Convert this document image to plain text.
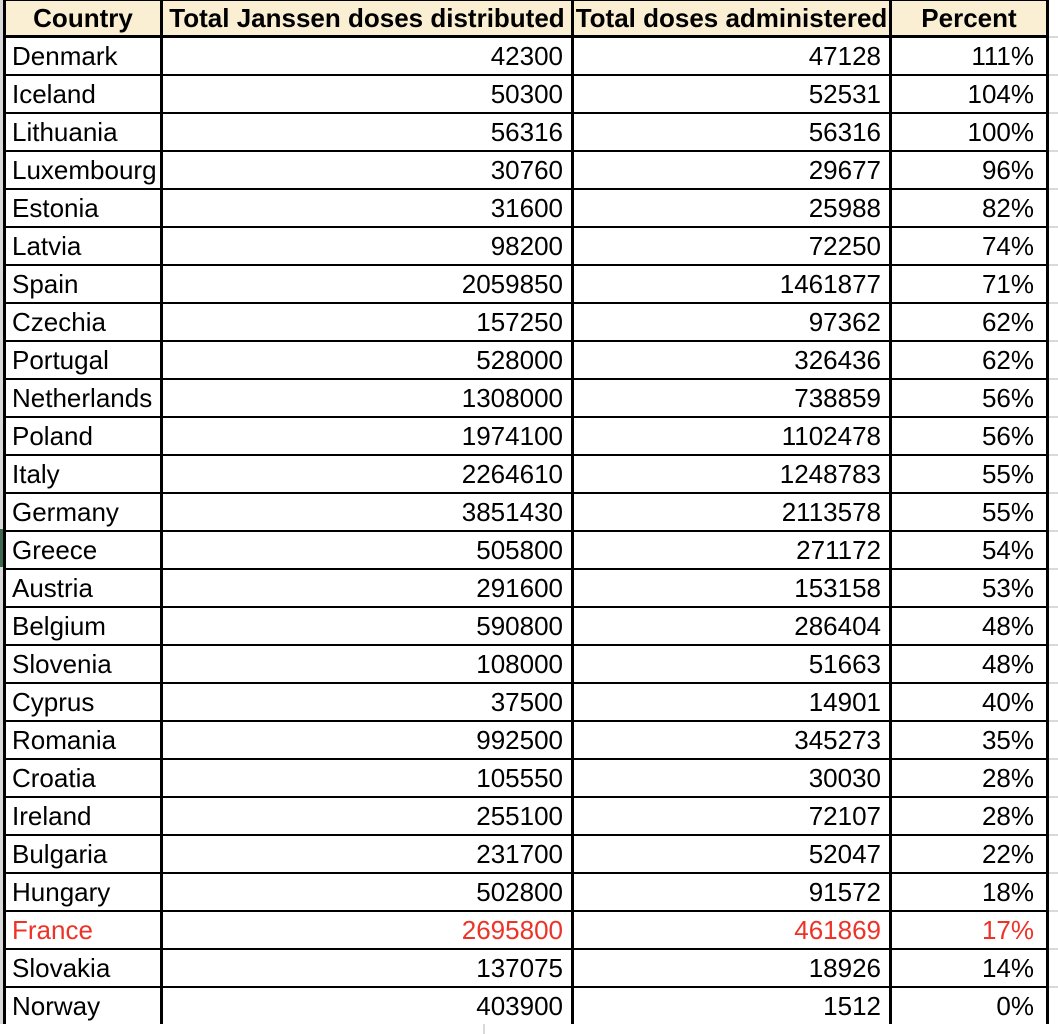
Country	Total Janssen doses distributed	Total doses administered	Percent
Denmark	42300	47128	111%
Iceland	50300	52531	104%
Lithuania	56316	56316	100%
Luxembourg	30760	29677	96%
Estonia	31600	25988	82%
Latvia	98200	72250	74%
Spain	2059850	1461877	71%
Czechia	157250	97362	62%
Portugal	528000	326436	62%
Netherlands	1308000	738859	56%
Poland	1974100	1102478	56%
Italy	2264610	1248783	55%
Germany	3851430	2113578	55%
Greece	505800	271172	54%
Austria	291600	153158	53%
Belgium	590800	286404	48%
Slovenia	108000	51663	48%
Cyprus	37500	14901	40%
Romania	992500	345273	35%
Croatia	105550	30030	28%
Ireland	255100	72107	28%
Bulgaria	231700	52047	22%
Hungary	502800	91572	18%
France	2695800	461869	17%
Slovakia	137075	18926	14%
Norway	403900	1512	0%
